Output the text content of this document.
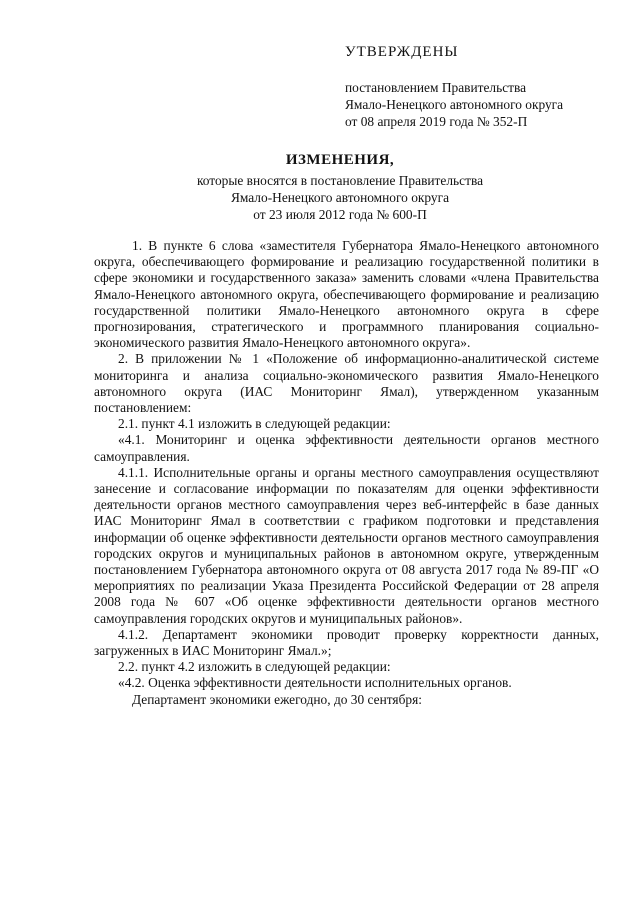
УТВЕРЖДЕНЫ
постановлением Правительства
Ямало-Ненецкого автономного округа
от 08 апреля 2019 года № 352-П
ИЗМЕНЕНИЯ,
которые вносятся в постановление Правительства
Ямало-Ненецкого автономного округа
от 23 июля 2012 года № 600-П

1. В пункте 6 слова «заместителя Губернатора Ямало-Ненецкого автономного округа, обеспечивающего формирование и реализацию государственной политики в сфере экономики и государственного заказа» заменить словами «члена Правительства Ямало-Ненецкого автономного округа, обеспечивающего формирование и реализацию государственной политики Ямало-Ненецкого автономного округа в сфере прогнозирования, стратегического и программного планирования социально-экономического развития Ямало-Ненецкого автономного округа».

2. В приложении № 1 «Положение об информационно-аналитической системе мониторинга и анализа социально-экономического развития Ямало-Ненецкого автономного округа (ИАС Мониторинг Ямал), утвержденном указанным постановлением:

2.1. пункт 4.1 изложить в следующей редакции:

«4.1. Мониторинг и оценка эффективности деятельности органов местного самоуправления.

4.1.1. Исполнительные органы и органы местного самоуправления осуществляют занесение и согласование информации по показателям для оценки эффективности деятельности органов местного самоуправления через веб-интерфейс в базе данных ИАС Мониторинг Ямал в соответствии с графиком подготовки и представления информации об оценке эффективности деятельности органов местного самоуправления городских округов и муниципальных районов в автономном округе, утвержденным постановлением Губернатора автономного округа от 08 августа 2017 года № 89-ПГ «О мероприятиях по реализации Указа Президента Российской Федерации от 28 апреля 2008 года № 607 «Об оценке эффективности деятельности органов местного самоуправления городских округов и муниципальных районов».

4.1.2. Департамент экономики проводит проверку корректности данных, загруженных в ИАС Мониторинг Ямал.»;

2.2. пункт 4.2 изложить в следующей редакции:

«4.2. Оценка эффективности деятельности исполнительных органов.

Департамент экономики ежегодно, до 30 сентября:
